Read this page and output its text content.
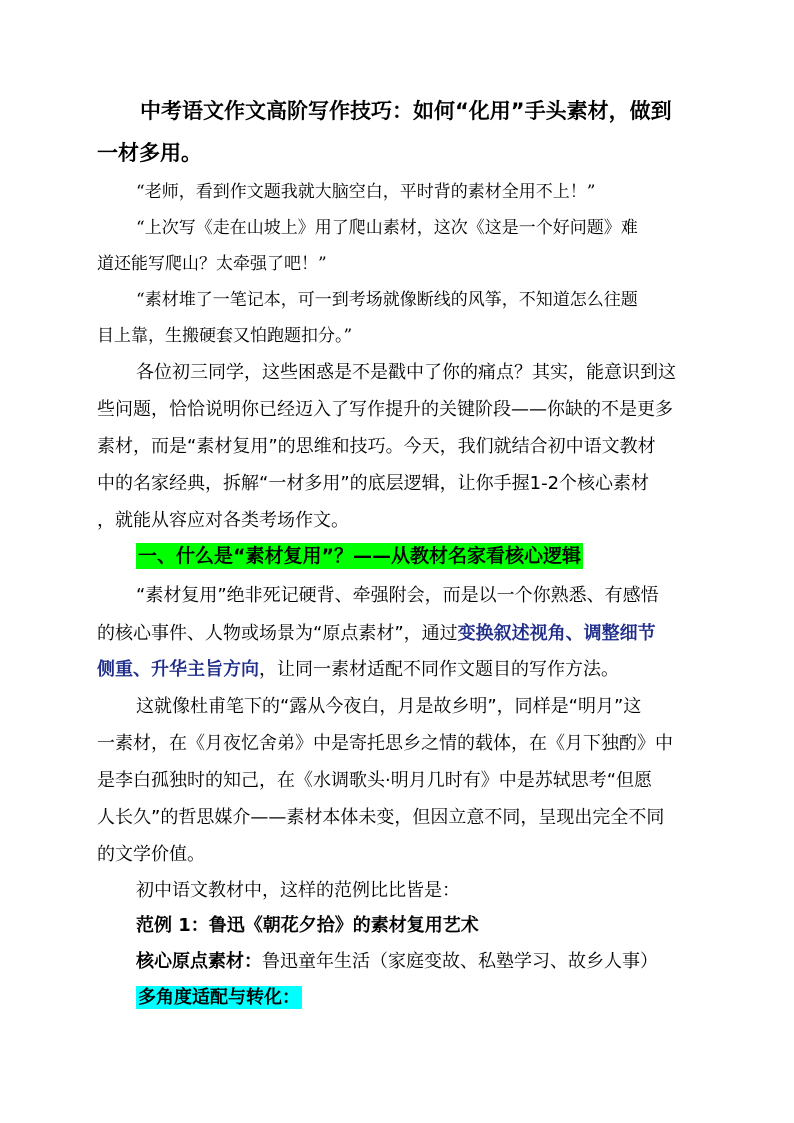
中考语文作文高阶写作技巧：如何“化用”手头素材，做到
一材多用。
“老师，看到作文题我就大脑空白，平时背的素材全用不上！”
“上次写《走在山坡上》用了爬山素材，这次《这是一个好问题》难
道还能写爬山？太牵强了吧！”
“素材堆了一笔记本，可一到考场就像断线的风筝，不知道怎么往题
目上靠，生搬硬套又怕跑题扣分。”
各位初三同学，这些困惑是不是戳中了你的痛点？其实，能意识到这
些问题，恰恰说明你已经迈入了写作提升的关键阶段——你缺的不是更多
素材，而是“素材复用”的思维和技巧。今天，我们就结合初中语文教材
中的名家经典，拆解“一材多用”的底层逻辑，让你手握1-2个核心素材
，就能从容应对各类考场作文。
一、什么是“素材复用”？——从教材名家看核心逻辑
“素材复用”绝非死记硬背、牵强附会，而是以一个你熟悉、有感悟
的核心事件、人物或场景为“原点素材”，通过变换叙述视角、调整细节
侧重、升华主旨方向，让同一素材适配不同作文题目的写作方法。
这就像杜甫笔下的“露从今夜白，月是故乡明”，同样是“明月”这
一素材，在《月夜忆舍弟》中是寄托思乡之情的载体，在《月下独酌》中
是李白孤独时的知己，在《水调歌头·明月几时有》中是苏轼思考“但愿
人长久”的哲思媒介——素材本体未变，但因立意不同，呈现出完全不同
的文学价值。
初中语文教材中，这样的范例比比皆是：
范例 1：鲁迅《朝花夕拾》的素材复用艺术
核心原点素材：鲁迅童年生活（家庭变故、私塾学习、故乡人事）
多角度适配与转化：
